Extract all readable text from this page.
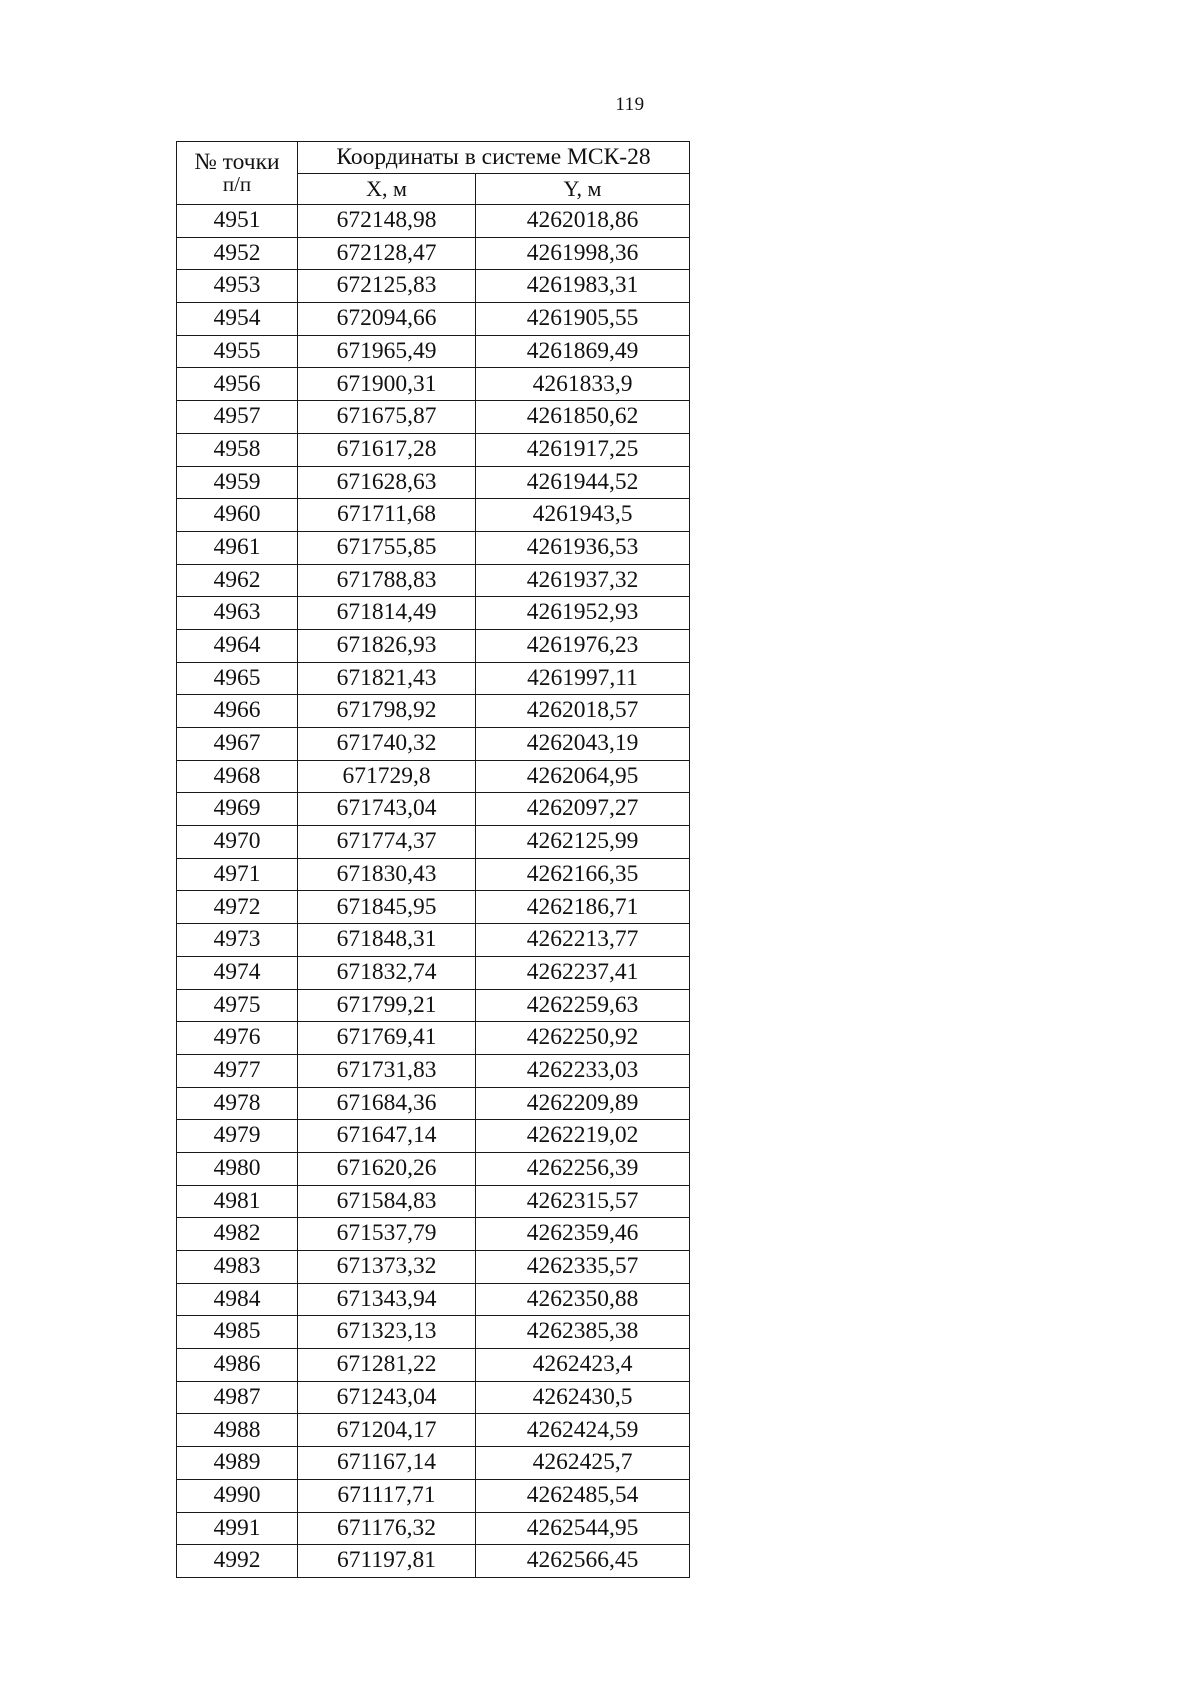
119
№ точки
п/п	Координаты в системе МСК-28	
	X, м	Y, м
4951	672148,98	4262018,86
4952	672128,47	4261998,36
4953	672125,83	4261983,31
4954	672094,66	4261905,55
4955	671965,49	4261869,49
4956	671900,31	4261833,9
4957	671675,87	4261850,62
4958	671617,28	4261917,25
4959	671628,63	4261944,52
4960	671711,68	4261943,5
4961	671755,85	4261936,53
4962	671788,83	4261937,32
4963	671814,49	4261952,93
4964	671826,93	4261976,23
4965	671821,43	4261997,11
4966	671798,92	4262018,57
4967	671740,32	4262043,19
4968	671729,8	4262064,95
4969	671743,04	4262097,27
4970	671774,37	4262125,99
4971	671830,43	4262166,35
4972	671845,95	4262186,71
4973	671848,31	4262213,77
4974	671832,74	4262237,41
4975	671799,21	4262259,63
4976	671769,41	4262250,92
4977	671731,83	4262233,03
4978	671684,36	4262209,89
4979	671647,14	4262219,02
4980	671620,26	4262256,39
4981	671584,83	4262315,57
4982	671537,79	4262359,46
4983	671373,32	4262335,57
4984	671343,94	4262350,88
4985	671323,13	4262385,38
4986	671281,22	4262423,4
4987	671243,04	4262430,5
4988	671204,17	4262424,59
4989	671167,14	4262425,7
4990	671117,71	4262485,54
4991	671176,32	4262544,95
4992	671197,81	4262566,45
